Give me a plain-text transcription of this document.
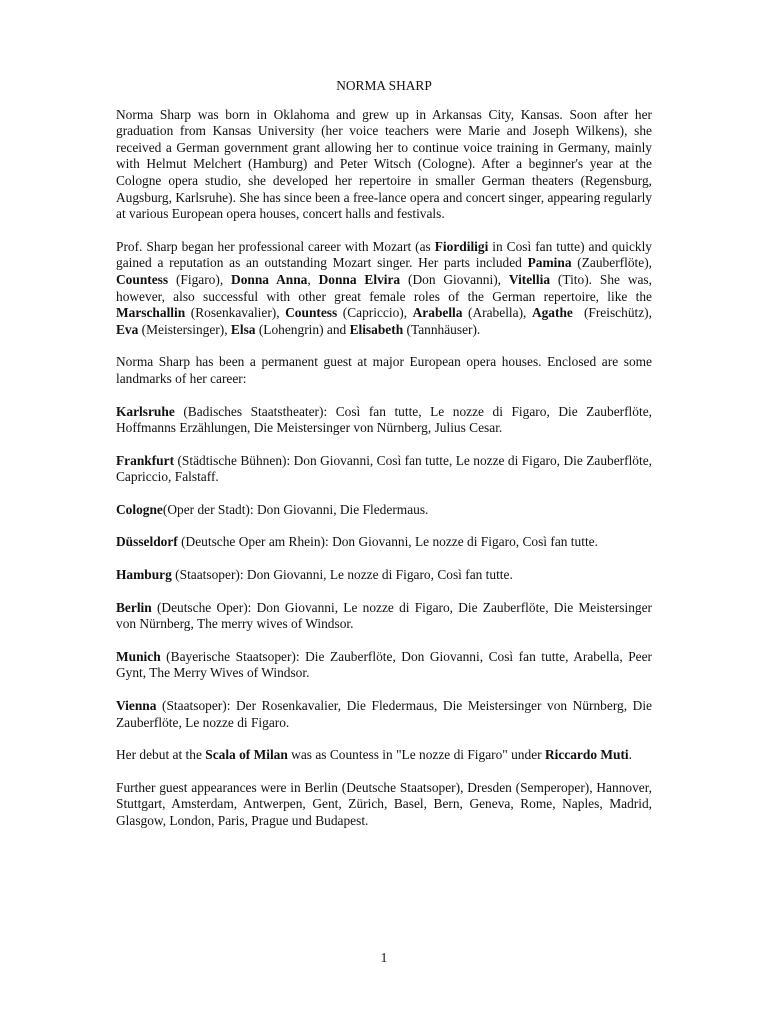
NORMA SHARP

Norma Sharp was born in Oklahoma and grew up in Arkansas City, Kansas. Soon after her graduation from Kansas University (her voice teachers were Marie and Joseph Wilkens), she received a German government grant allowing her to continue voice training in Germany, mainly with Helmut Melchert (Hamburg) and Peter Witsch (Cologne). After a beginner's year at the Cologne opera studio, she developed her repertoire in smaller German theaters (Regensburg, Augsburg, Karlsruhe). She has since been a free-lance opera and concert singer, appearing regularly at various European opera houses, concert halls and festivals.

Prof. Sharp began her professional career with Mozart (as Fiordiligi in Così fan tutte) and quickly gained a reputation as an outstanding Mozart singer. Her parts included Pamina (Zauberflöte), Countess (Figaro), Donna Anna, Donna Elvira (Don Giovanni), Vitellia (Tito). She was, however, also successful with other great female roles of the German repertoire, like the Marschallin (Rosenkavalier), Countess (Capriccio), Arabella (Arabella), Agathe  (Freischütz), Eva (Meistersinger), Elsa (Lohengrin) and Elisabeth (Tannhäuser).

Norma Sharp has been a permanent guest at major European opera houses. Enclosed are some landmarks of her career:

Karlsruhe (Badisches Staatstheater): Così fan tutte, Le nozze di Figaro, Die Zauberflöte, Hoffmanns Erzählungen, Die Meistersinger von Nürnberg, Julius Cesar.

Frankfurt (Städtische Bühnen): Don Giovanni, Così fan tutte, Le nozze di Figaro, Die Zauberflöte, Capriccio, Falstaff.

Cologne(Oper der Stadt): Don Giovanni, Die Fledermaus.

Düsseldorf (Deutsche Oper am Rhein): Don Giovanni, Le nozze di Figaro, Così fan tutte.

Hamburg (Staatsoper): Don Giovanni, Le nozze di Figaro, Così fan tutte.

Berlin (Deutsche Oper): Don Giovanni, Le nozze di Figaro, Die Zauberflöte, Die Meistersinger von Nürnberg, The merry wives of Windsor.

Munich (Bayerische Staatsoper): Die Zauberflöte, Don Giovanni, Così fan tutte, Arabella, Peer Gynt, The Merry Wives of Windsor.

Vienna (Staatsoper): Der Rosenkavalier, Die Fledermaus, Die Meistersinger von Nürnberg, Die Zauberflöte, Le nozze di Figaro.

Her debut at the Scala of Milan was as Countess in "Le nozze di Figaro" under Riccardo Muti.

Further guest appearances were in Berlin (Deutsche Staatsoper), Dresden (Semperoper), Hannover, Stuttgart, Amsterdam, Antwerpen, Gent, Zürich, Basel, Bern, Geneva, Rome, Naples, Madrid, Glasgow, London, Paris, Prague und Budapest.

1
